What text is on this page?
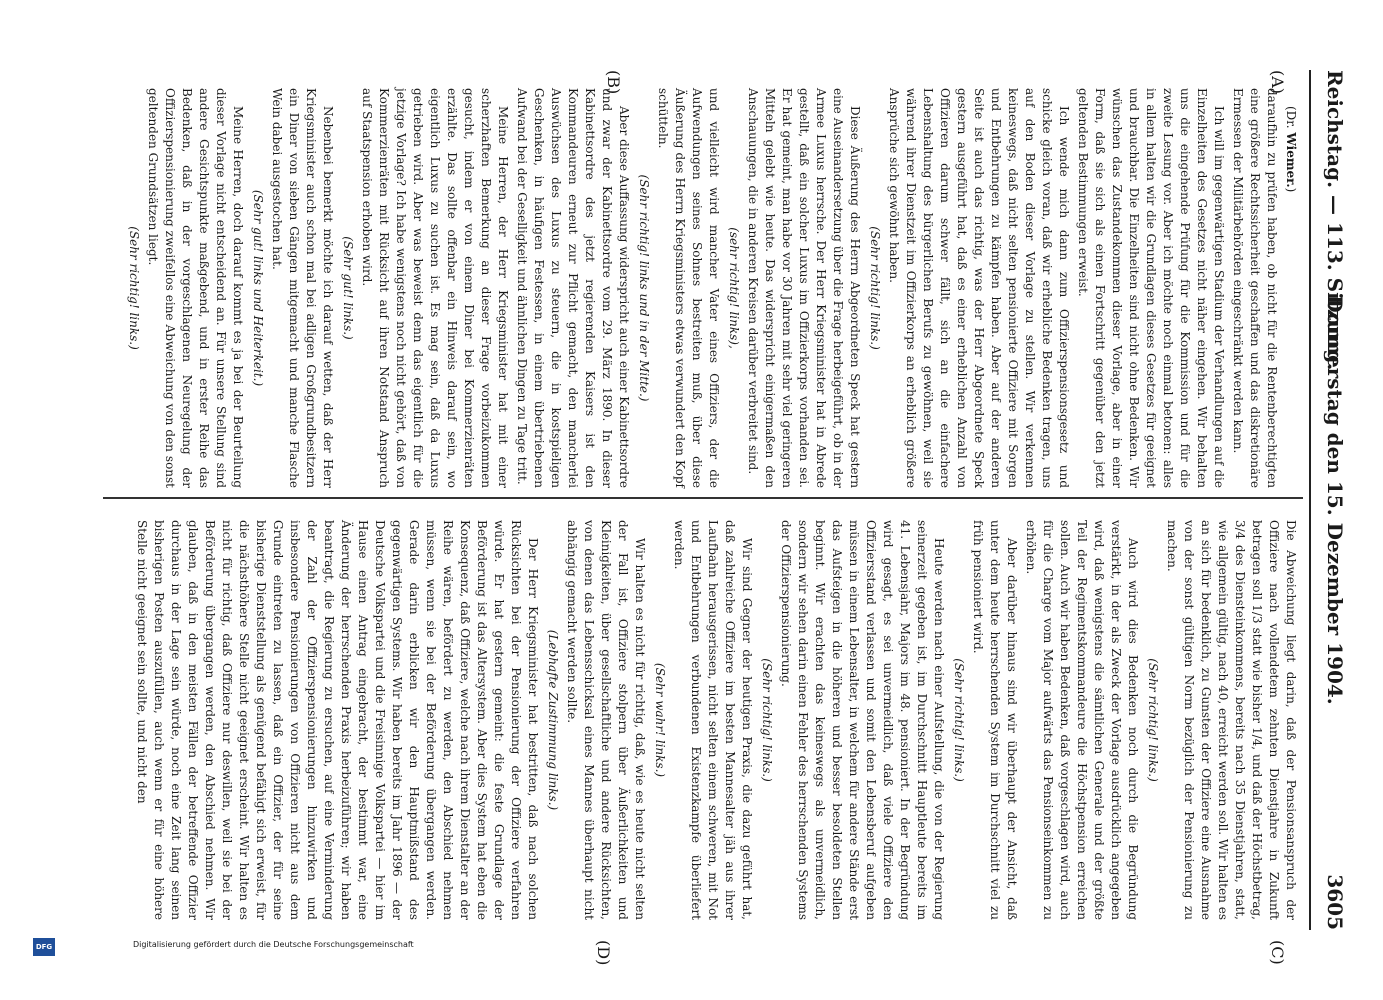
Reichstag. — 113. Sitzung.
Donnerstag den 15. Dezember 1904.
3605
(A)
(B)
(C)
(D)

(Dr. Wiemer.)

daraufhin zu prüfen haben, ob nicht für die Rentenberechtigten eine größere Rechtssicherheit geschaffen und das diskretionäre Ermessen der Militärbehörden eingeschränkt werden kann.

Ich will im gegenwärtigen Stadium der Verhandlungen auf die Einzelheiten des Gesetzes nicht näher eingehen. Wir behalten uns die eingehende Prüfung für die Kommission und für die zweite Lesung vor. Aber ich möchte noch einmal betonen: alles in allem halten wir die Grundlagen dieses Gesetzes für geeignet und brauchbar. Die Einzelheiten sind nicht ohne Bedenken. Wir wünschen das Zustandekommen dieser Vorlage, aber in einer Form, daß sie sich als einen Fortschritt gegenüber den jetzt geltenden Bestimmungen erweist.

Ich wende mich dann zum Offizierspensionsgesetz und schicke gleich voran, daß wir erhebliche Bedenken tragen, uns auf den Boden dieser Vorlage zu stellen. Wir verkennen keineswegs, daß nicht selten pensionierte Offiziere mit Sorgen und Entbehrungen zu kämpfen haben. Aber auf der anderen Seite ist auch das richtig, was der Herr Abgeordnete Speck gestern ausgeführt hat, daß es einer erheblichen Anzahl von Offizieren darum schwer fällt, sich an die einfachere Lebenshaltung des bürgerlichen Berufs zu gewöhnen, weil sie während ihrer Dienstzeit im Offizierkorps an erheblich größere Ansprüche sich gewöhnt haben.

(Sehr richtig! links.)

Diese Äußerung des Herrn Abgeordneten Speck hat gestern eine Auseinandersetzung über die Frage herbeigeführt, ob in der Armee Luxus herrsche. Der Herr Kriegsminister hat in Abrede gestellt, daß ein solcher Luxus im Offizierkorps vorhanden sei. Er hat gemeint, man habe vor 30 Jahren mit sehr viel geringeren Mitteln gelebt wie heute. Das widerspricht einigermaßen den Anschauungen, die in anderen Kreisen darüber verbreitet sind.

(sehr richtig! links),

und vielleicht wird mancher Vater eines Offiziers, der die Aufwendungen seines Sohnes bestreiten muß, über diese Äußerung des Herrn Kriegsministers etwas verwundert den Kopf schütteln.

(Sehr richtig! links und in der Mitte.)

Aber diese Auffassung widerspricht auch einer Kabinettsordre und zwar der Kabinettsordre vom 29. März 1890. In dieser Kabinettsordre des jetzt regierenden Kaisers ist den Kommandeuren erneut zur Pflicht gemacht, den mancherlei Auswüchsen des Luxus zu steuern, die in kostspieligen Geschenken, in häufigen Festessen, in einem übertriebenen Aufwand bei der Geselligkeit und ähnlichen Dingen zu Tage tritt.

Meine Herren, der Herr Kriegsminister hat mit einer scherzhaften Bemerkung an dieser Frage vorbeizukommen gesucht, indem er von einem Diner bei Kommerzienräten erzählte. Das sollte offenbar ein Hinweis darauf sein, wo eigentlich Luxus zu suchen ist. Es mag sein, daß da Luxus getrieben wird. Aber was beweist denn das eigentlich für die jetzige Vorlage? Ich habe wenigstens noch nicht gehört, daß von Kommerzienräten mit Rücksicht auf ihren Notstand Anspruch auf Staatspension erhoben wird.

(Sehr gut! links.)

Nebenbei bemerkt möchte ich darauf wetten, daß der Herr Kriegsminister auch schon mal bei adligen Großgrundbesitzern ein Diner von sieben Gängen mitgemacht und manche Flasche Wein dabei ausgestochen hat.

(Sehr gut! links und Heiterkeit.)

Meine Herren, doch darauf kommt es ja bei der Beurteilung dieser Vorlage nicht entscheidend an. Für unsere Stellung sind andere Gesichtspunkte maßgebend, und in erster Reihe das Bedenken, daß in der vorgeschlagenen Neuregelung der Offizierspensionierung zweifellos eine Abweichung von den sonst geltenden Grundsätzen liegt.

(Sehr richtig! links.)

Die Abweichung liegt darin, daß der Pensionsanspruch der Offiziere nach vollendetem zehnten Dienstjahre in Zukunft betragen soll 1/3 statt wie bisher 1/4, und daß der Höchstbetrag, 3/4 des Diensteinkommens, bereits nach 35 Dienstjahren, statt, wie allgemein gültig, nach 40, erreicht werden soll. Wir halten es an sich für bedenklich, zu Gunsten der Offiziere eine Ausnahme von der sonst gültigen Norm bezüglich der Pensionierung zu machen.

(Sehr richtig! links.)

Auch wird dies Bedenken noch durch die Begründung verstärkt, in der als Zweck der Vorlage ausdrücklich angegeben wird, daß wenigstens die sämtlichen Generale und der größte Teil der Regimentskommandeure die Höchstpension erreichen sollen. Auch wir haben Bedenken, daß vorgeschlagen wird, auch für die Charge vom Major aufwärts das Pensionseinkommen zu erhöhen.

Aber darüber hinaus sind wir überhaupt der Ansicht, daß unter dem heute herrschenden System im Durchschnitt viel zu früh pensioniert wird.

(Sehr richtig! links.)

Heute werden nach einer Aufstellung, die von der Regierung seinerzeit gegeben ist, im Durchschnitt Hauptleute bereits im 41. Lebensjahr, Majors im 48. pensioniert. In der Begründung wird gesagt, es sei unvermeidlich, daß viele Offiziere den Offiziersstand verlassen und somit den Lebensberuf aufgeben müssen in einem Lebensalter, in welchem für andere Stände erst das Aufsteigen in die höheren und besser besoldeten Stellen beginnt. Wir erachten das keineswegs als unvermeidlich, sondern wir sehen darin einen Fehler des herrschenden Systems der Offizierspensionierung.

(Sehr richtig! links.)

Wir sind Gegner der heutigen Praxis, die dazu geführt hat, daß zahlreiche Offiziere im besten Mannesalter jäh aus ihrer Laufbahn herausgerissen, nicht selten einem schweren, mit Not und Entbehrungen verbundenen Existenzkampfe überliefert werden.

(Sehr wahr! links.)

Wir halten es nicht für richtig, daß, wie es heute nicht selten der Fall ist, Offiziere stolpern über Äußerlichkeiten und Kleinigkeiten, über gesellschaftliche und andere Rücksichten, von denen das Lebensschicksal eines Mannes überhaupt nicht abhängig gemacht werden sollte.

(Lebhafte Zustimmung links.)

Der Herr Kriegsminister hat bestritten, daß nach solchen Rücksichten bei der Pensionierung der Offiziere verfahren würde. Er hat gestern gemeint: die feste Grundlage der Beförderung ist das Altersystem. Aber dies System hat eben die Konsequenz, daß Offiziere, welche nach ihrem Dienstalter an der Reihe wären, befördert zu werden, den Abschied nehmen müssen, wenn sie bei der Beförderung übergangen werden. Gerade darin erblicken wir den Hauptmißstand des gegenwärtigen Systems. Wir haben bereits im Jahr 1896 — der Deutsche Volkspartei und die Freisinnige Volkspartei — hier im Hause einen Antrag eingebracht, der bestimmt war, eine Änderung der herrschenden Praxis herbeizuführen; wir haben beantragt, die Regierung zu ersuchen, auf eine Verminderung der Zahl der Offizierspensionierungen hinzuwirken und insbesondere Pensionierungen von Offizieren nicht aus dem Grunde eintreten zu lassen, daß ein Offizier, der für seine bisherige Dienststellung als genügend befähigt sich erweist, für die nächsthöhere Stelle nicht geeignet erscheint. Wir halten es nicht für richtig, daß Offiziere nur deswillen, weil sie bei der Beförderung übergangen werden, den Abschied nehmen. Wir glauben, daß in den meisten Fällen der betreffende Offizier durchaus in der Lage sein würde, noch eine Zeit lang seinen bisherigen Posten auszufüllen, auch wenn er für eine höhere Stelle nicht geeignet sein sollte, und nicht den

Digitalisierung gefördert durch die Deutsche Forschungsgemeinschaft
DFG
